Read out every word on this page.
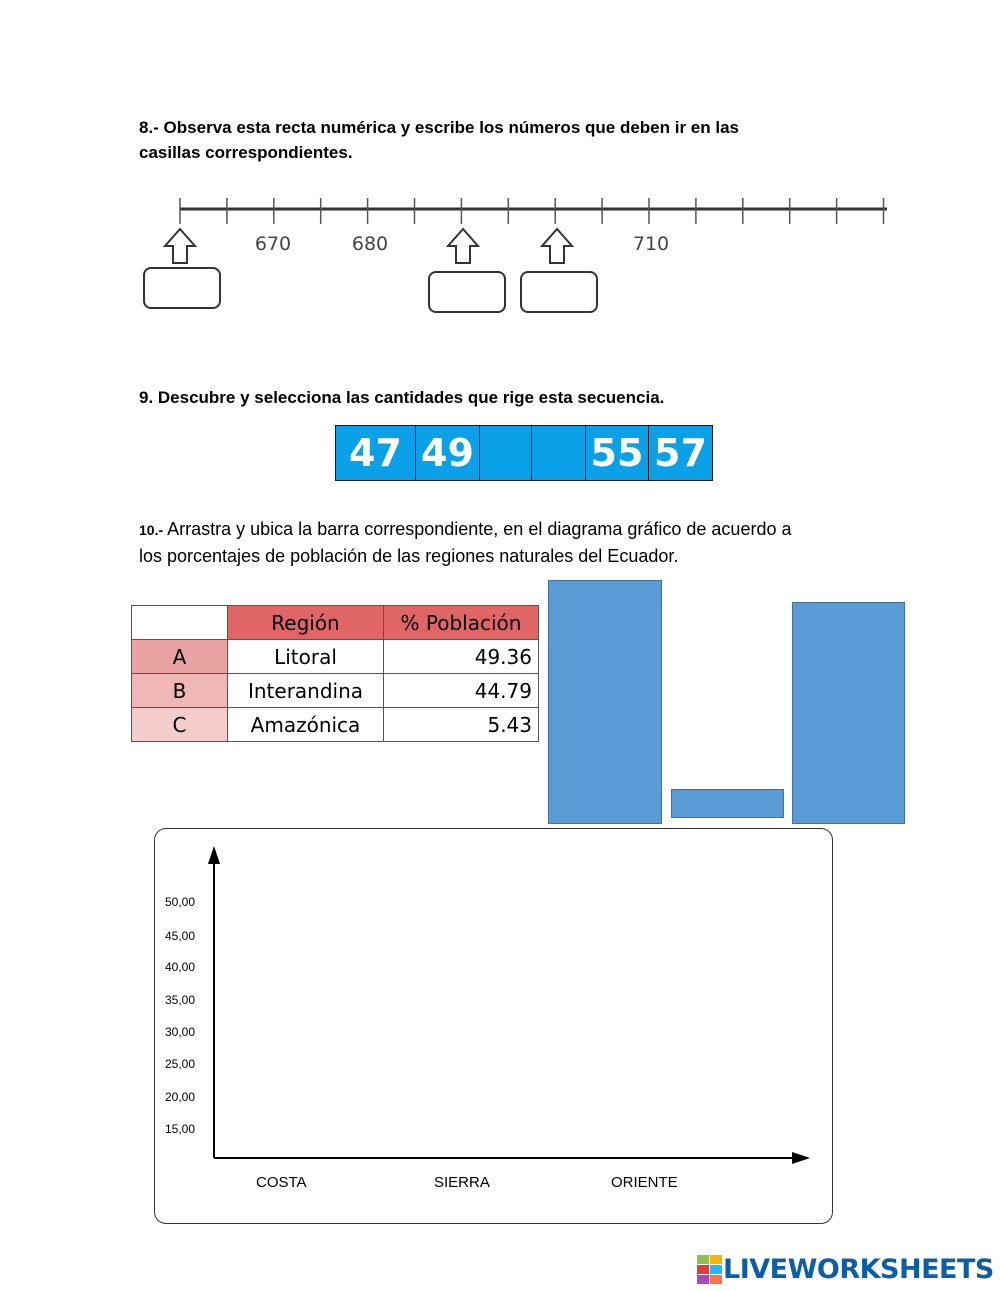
8.- Observa esta recta numérica y escribe los números que deben ir en las
casillas correspondientes.
670	680	710
9. Descubre y selecciona las cantidades que rige esta secuencia.
47 49	55 57
10.- Arrastra y ubica la barra correspondiente, en el diagrama gráfico de acuerdo a
los porcentajes de población de las regiones naturales del Ecuador.
	Región	% Población
A	Litoral	49.36
B	Interandina	44.79
C	Amazónica	5.43
50,00
45,00
40,00
35,00
30,00
25,00
20,00
15,00
COSTA	SIERRA	ORIENTE
LIVEWORKSHEETS
